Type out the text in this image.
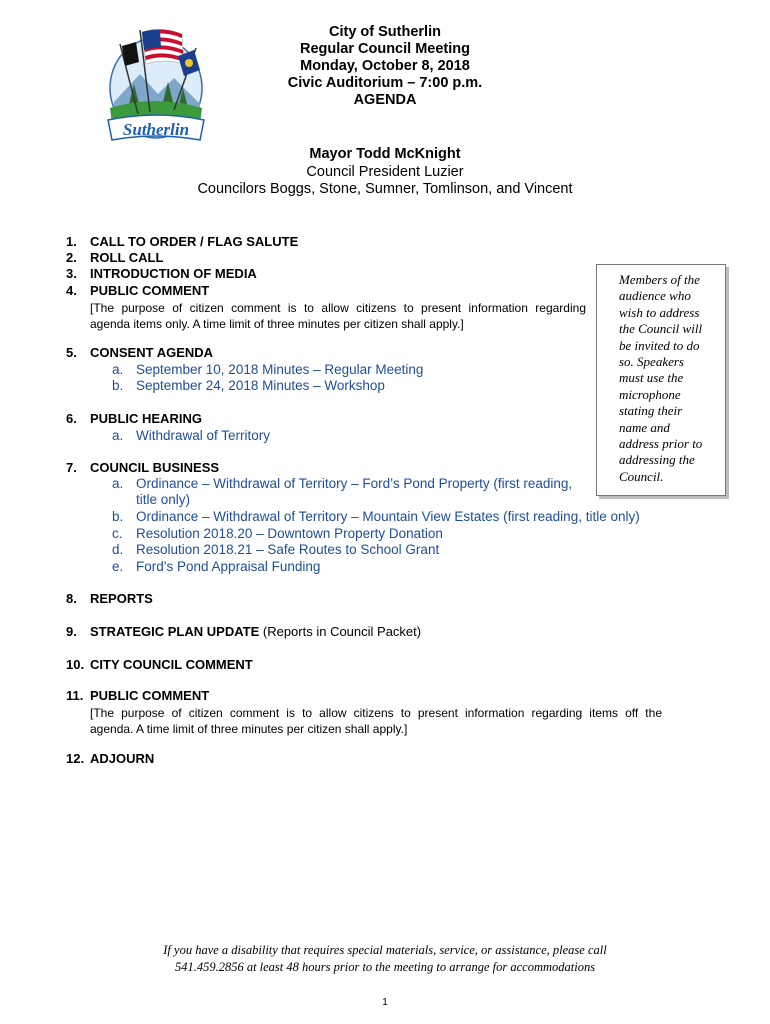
Sutherlin
· · · · · · ·
City of Sutherlin
Regular Council Meeting
Monday, October 8, 2018
Civic Auditorium – 7:00 p.m.
AGENDA
Mayor Todd McKnight
Council President Luzier
Councilors Boggs, Stone, Sumner, Tomlinson, and Vincent
Members of the
audience who
wish to address
the Council will
be invited to do
so. Speakers
must use the
microphone
stating their
name and
address prior to
addressing the
Council.
1. CALL TO ORDER / FLAG SALUTE
2. ROLL CALL
3. INTRODUCTION OF MEDIA
4. PUBLIC COMMENT
[The purpose of citizen comment is to allow citizens to present information regarding
agenda items only. A time limit of three minutes per citizen shall apply.]
5. CONSENT AGENDA
a. September 10, 2018 Minutes – Regular Meeting
b. September 24, 2018 Minutes – Workshop
6. PUBLIC HEARING
a. Withdrawal of Territory
7. COUNCIL BUSINESS
a. Ordinance – Withdrawal of Territory – Ford’s Pond Property (first reading,
title only)
b. Ordinance – Withdrawal of Territory – Mountain View Estates (first reading, title only)
c. Resolution 2018.20 – Downtown Property Donation
d. Resolution 2018.21 – Safe Routes to School Grant
e. Ford’s Pond Appraisal Funding
8. REPORTS
9. STRATEGIC PLAN UPDATE (Reports in Council Packet)
10. CITY COUNCIL COMMENT
11. PUBLIC COMMENT
[The purpose of citizen comment is to allow citizens to present information regarding items off the
agenda. A time limit of three minutes per citizen shall apply.]
12. ADJOURN
If you have a disability that requires special materials, service, or assistance, please call
541.459.2856 at least 48 hours prior to the meeting to arrange for accommodations
1
